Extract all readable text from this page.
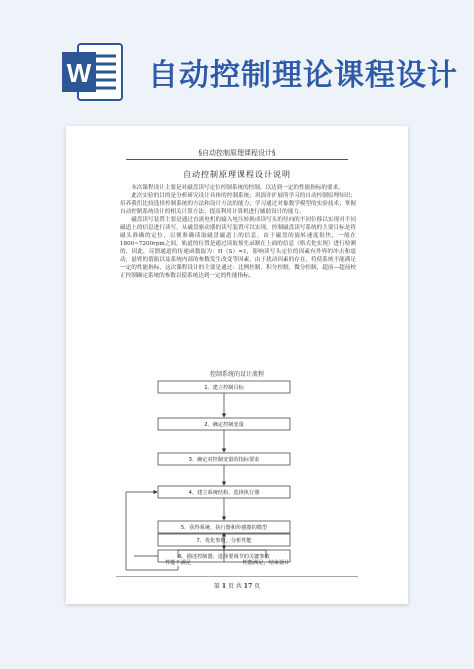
W 自动控制理论课程设计
§自动控制原理课程设计§
自动控制原理课程设计说明

本次课程设计主要是对磁盘读写定位控制系统的控制，以达到一定的性能指标的要求。

此次实验的目的是分析研究设计具体的控制系统；巩固并扩展所学习的自动控制原理知识；培养我们比较选择控制系统的方法和设计方法的能力；学习通过对象数学模型的实验技术；掌握自动控制系统设计的相关计算方法；提高利用计算机进行辅助设计的能力。

磁盘读写装置主要是通过直流电机的输入电压转换成读写头的径向的不同位移以实现对不同磁道上的信息进行读写，从磁盘驱动器的读写装置可以实现，控制磁盘读写系统的主要目标是将磁头准确的定位，以便准确读取磁盘磁道上的信息，由于磁盘的旋转速度很快，一般在1800~7200rpm之间，轨道的位置是通过读取预先录制在上面的信息（格式化实现）进行检测的，因此，反馈通道的传递函数取为：H（S）=1，影响读写头定位的因素有外界的冲击和震动，悬臂的谐振以及系统内部的参数发生改变等因素，由于扰动因素的存在，将使系统不能满足一定的性能指标，这次课程设计的主要是通过：比例控制、积分控制，微分控制，超前—超前校正控制确定系统的参数以使系统达到一定的性能指标。

控制系统的设计流程
1、建立控制目标
2、确定控制变量
3、确定对控制变量的指标要求
4、建立系统结构、选择执行器
5、获得系统、执行器和传感器的模型
6、描述控制器、选择要调节的关键参数
7、优化参数，分析性能
性能不满足	性能满足，结束设计
第 1 页 共 17 页
